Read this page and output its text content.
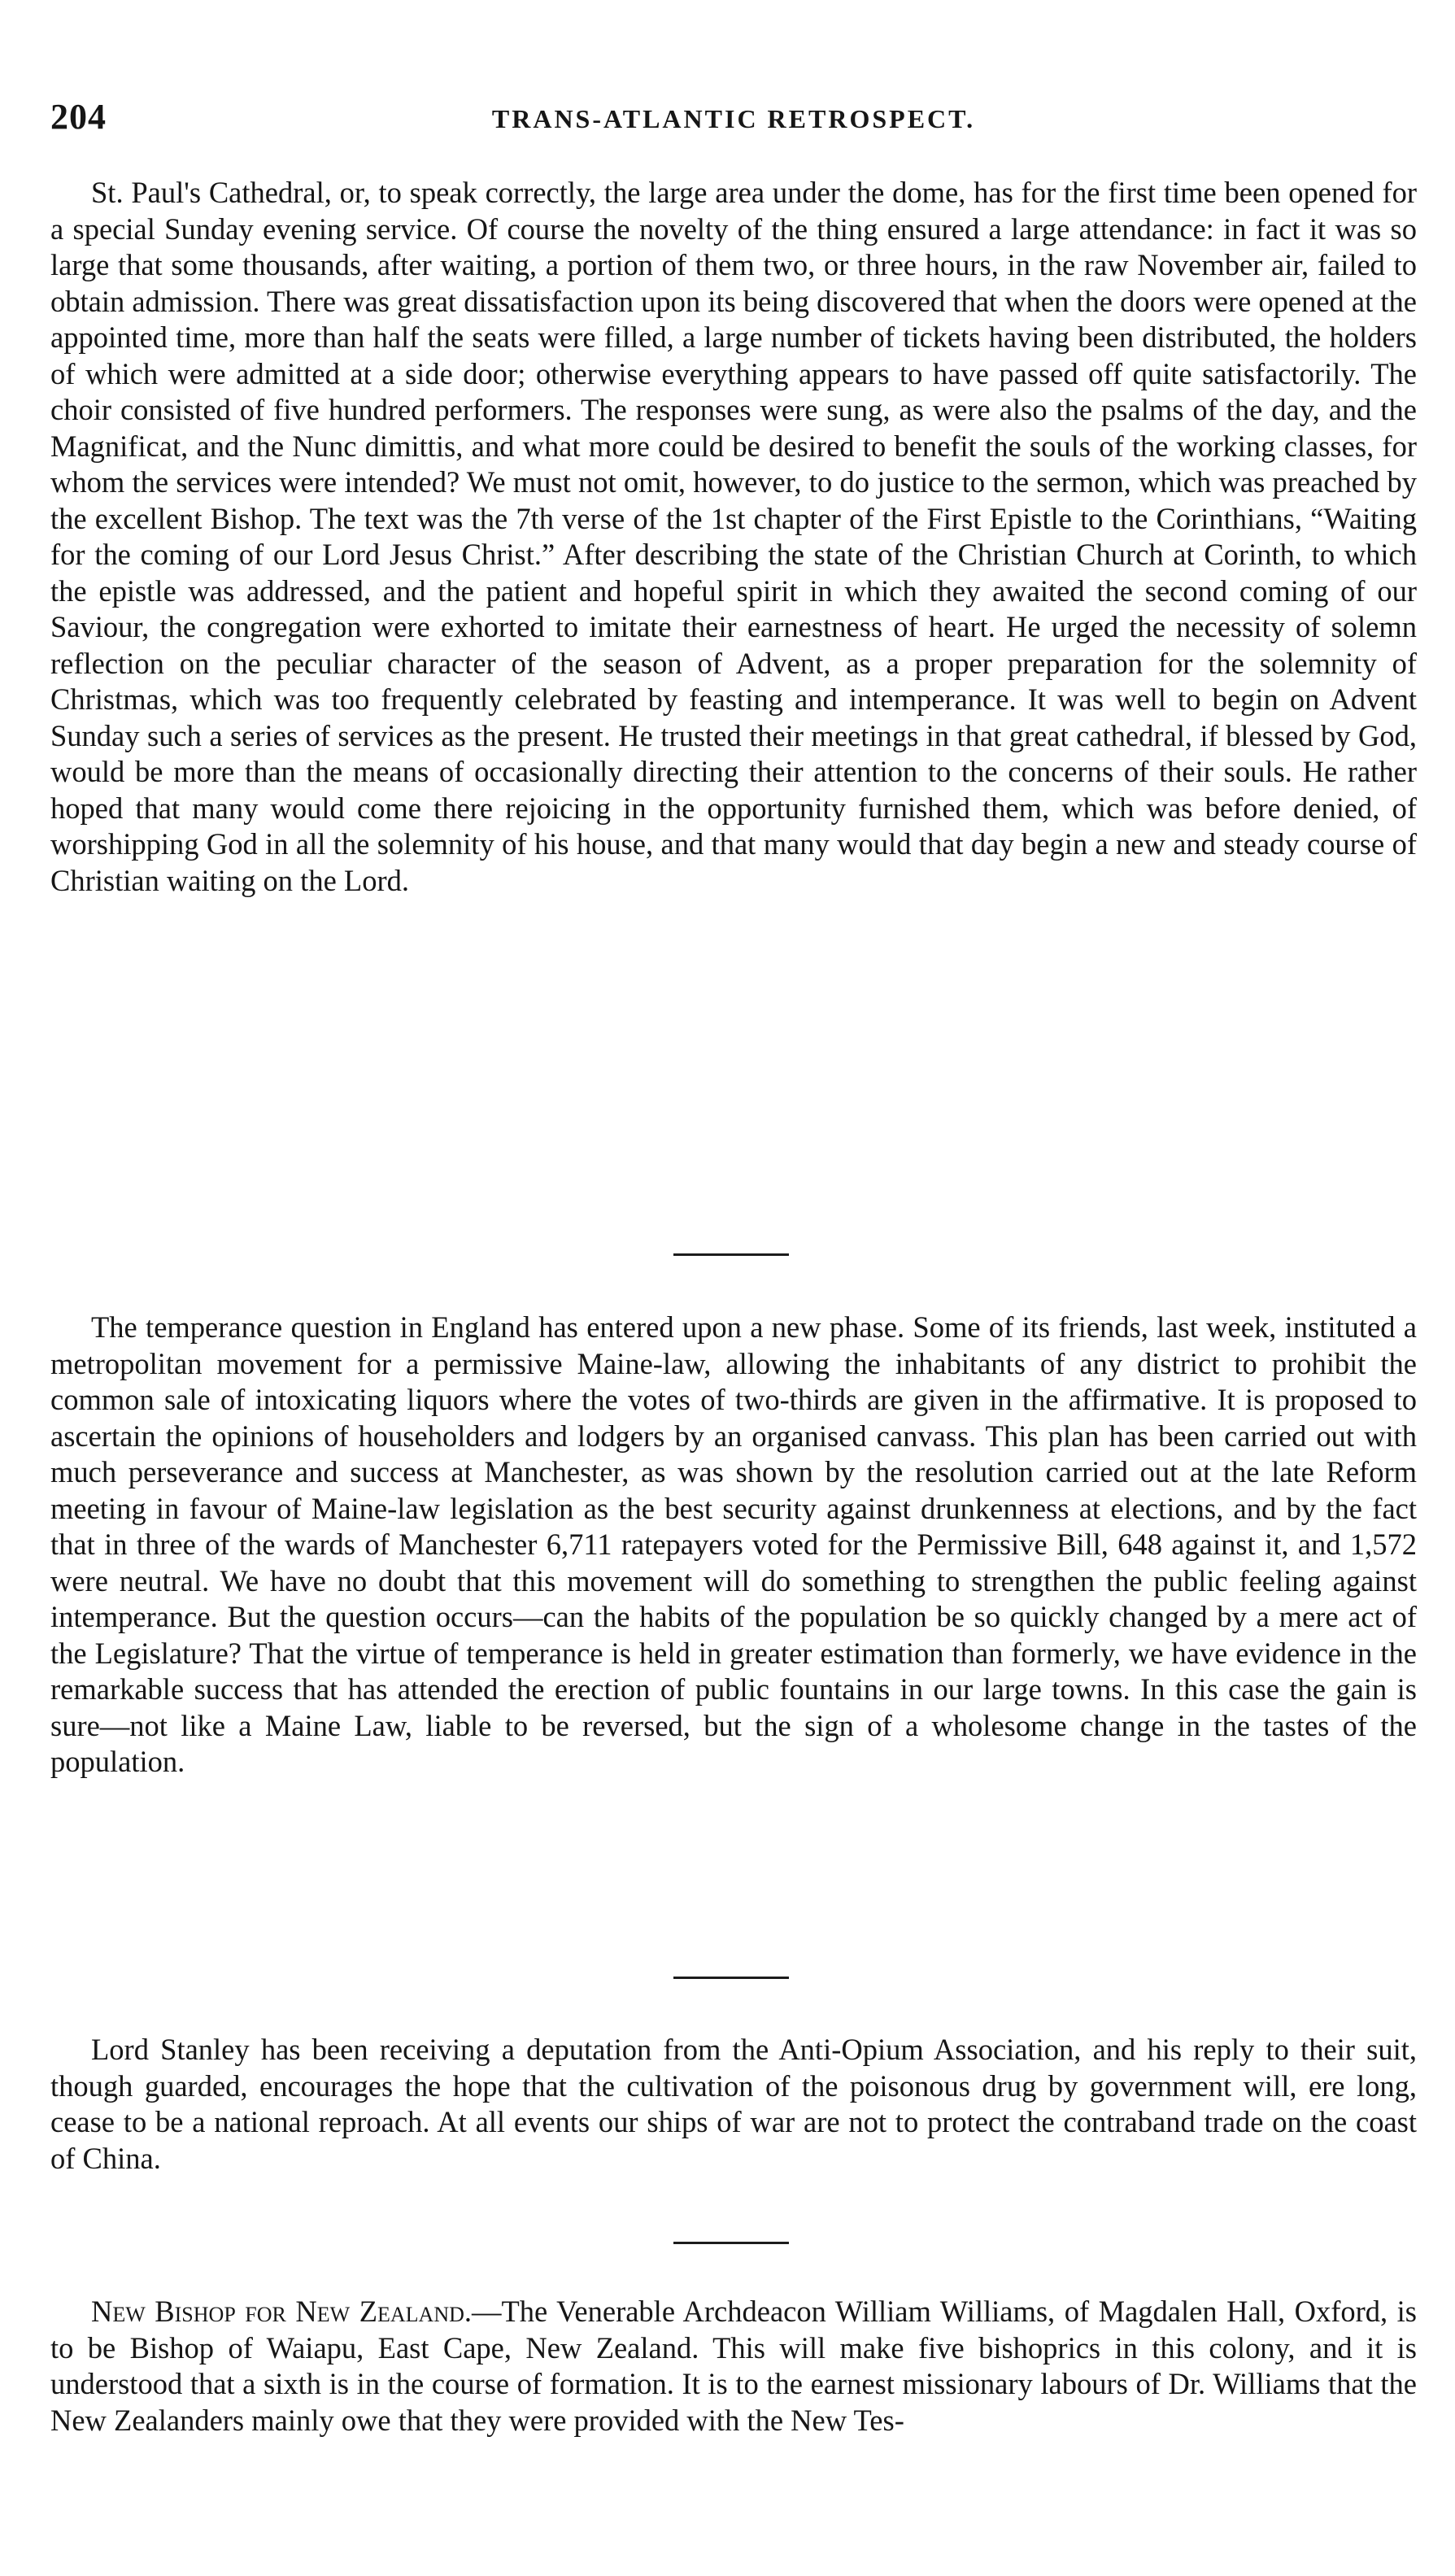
204	TRANS-ATLANTIC RETROSPECT.

St. Paul's Cathedral, or, to speak correctly, the large area under the dome, has for the first time been opened for a special Sunday evening service. Of course the novelty of the thing ensured a large attendance: in fact it was so large that some thousands, after waiting, a portion of them two, or three hours, in the raw November air, failed to obtain admission. There was great dissatisfaction upon its being discovered that when the doors were opened at the appointed time, more than half the seats were filled, a large number of tickets having been distributed, the holders of which were admitted at a side door; otherwise everything appears to have passed off quite satisfactorily. The choir consisted of five hundred performers. The responses were sung, as were also the psalms of the day, and the Magnificat, and the Nunc dimittis, and what more could be desired to benefit the souls of the working classes, for whom the services were intended? We must not omit, however, to do justice to the sermon, which was preached by the excellent Bishop. The text was the 7th verse of the 1st chapter of the First Epistle to the Corinthians, “Waiting for the coming of our Lord Jesus Christ.” After describing the state of the Christian Church at Corinth, to which the epistle was addressed, and the patient and hopeful spirit in which they awaited the second coming of our Saviour, the congregation were exhorted to imitate their earnestness of heart. He urged the necessity of solemn reflection on the peculiar character of the season of Advent, as a proper preparation for the solemnity of Christmas, which was too frequently celebrated by feasting and intemperance. It was well to begin on Advent Sunday such a series of services as the present. He trusted their meetings in that great cathedral, if blessed by God, would be more than the means of occasionally directing their attention to the concerns of their souls. He rather hoped that many would come there rejoicing in the opportunity furnished them, which was before denied, of worshipping God in all the solemnity of his house, and that many would that day begin a new and steady course of Christian waiting on the Lord.

The temperance question in England has entered upon a new phase. Some of its friends, last week, instituted a metropolitan movement for a permissive Maine-law, allowing the inhabitants of any district to prohibit the common sale of intoxicating liquors where the votes of two-thirds are given in the affirmative. It is proposed to ascertain the opinions of householders and lodgers by an organised canvass. This plan has been carried out with much perseverance and success at Manchester, as was shown by the resolution carried out at the late Reform meeting in favour of Maine-law legislation as the best security against drunkenness at elections, and by the fact that in three of the wards of Manchester 6,711 ratepayers voted for the Permissive Bill, 648 against it, and 1,572 were neutral. We have no doubt that this movement will do something to strengthen the public feeling against intemperance. But the question occurs—can the habits of the population be so quickly changed by a mere act of the Legislature? That the virtue of temperance is held in greater estimation than formerly, we have evidence in the remarkable success that has attended the erection of public fountains in our large towns. In this case the gain is sure—not like a Maine Law, liable to be reversed, but the sign of a wholesome change in the tastes of the population.

Lord Stanley has been receiving a deputation from the Anti-Opium Association, and his reply to their suit, though guarded, encourages the hope that the cultivation of the poisonous drug by government will, ere long, cease to be a national reproach. At all events our ships of war are not to protect the contraband trade on the coast of China.

New Bishop for New Zealand.—The Venerable Archdeacon William Williams, of Magdalen Hall, Oxford, is to be Bishop of Waiapu, East Cape, New Zealand. This will make five bishoprics in this colony, and it is understood that a sixth is in the course of formation. It is to the earnest missionary labours of Dr. Williams that the New Zealanders mainly owe that they were provided with the New Tes-
